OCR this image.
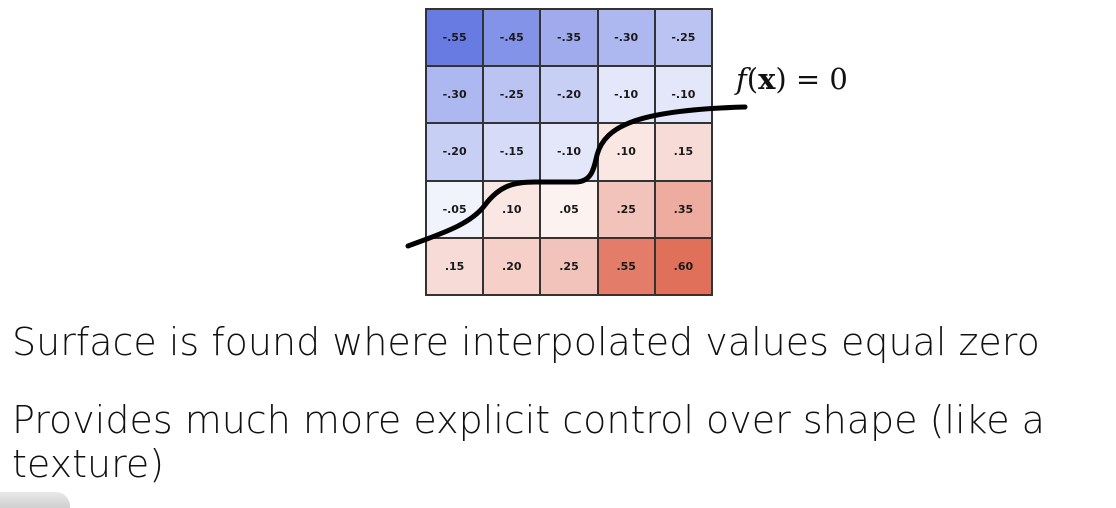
-.55	-.45	-.35	-.30	-.25
-.30	-.25	-.20	-.10	-.10
-.20	-.15	-.10	.10	.15
-.05	.10	.05	.25	.35
.15	.20	.25	.55	.60
f(x) = 0
Surface is found where interpolated values equal zero
Provides much more explicit control over shape (like a texture)
